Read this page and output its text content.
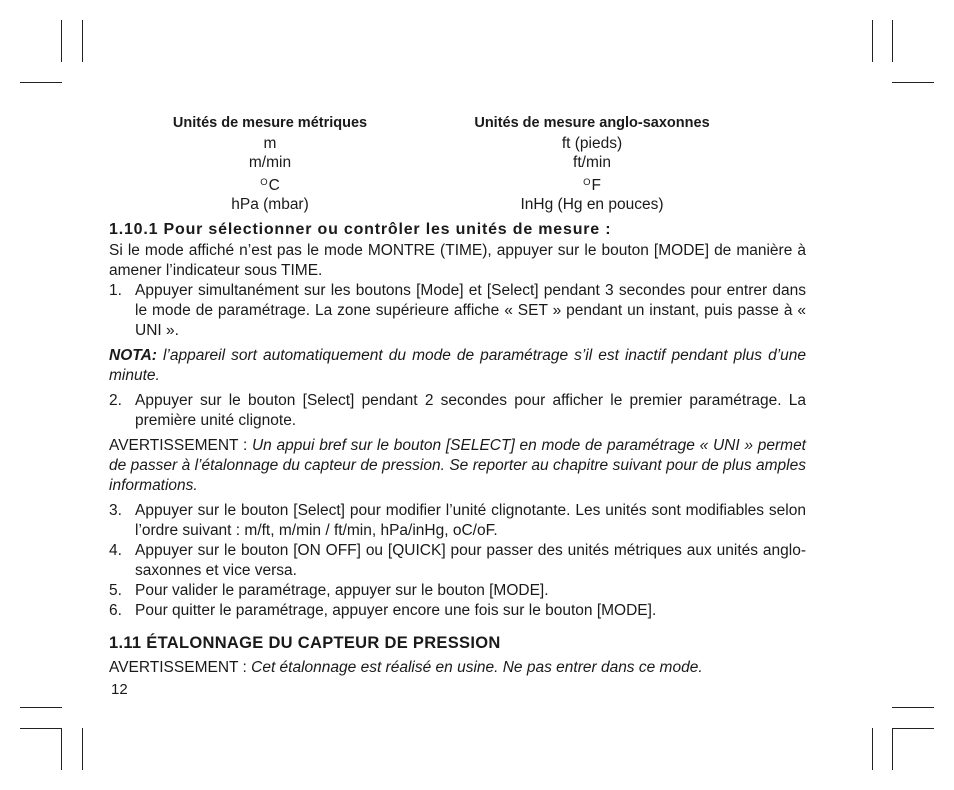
Unités de mesure métriques
m
m/min
$^O$C
hPa (mbar)
Unités de mesure anglo-saxonnes
ft (pieds)
ft/min
$^O$F
InHg (Hg en pouces)
1.10.1 Pour sélectionner ou contrôler les unités de mesure :

Si le mode affiché n’est pas le mode MONTRE (TIME), appuyer sur le bouton [MODE] de manière à amener l’indicateur sous TIME.

1. Appuyer simultanément sur les boutons [Mode] et [Select] pendant 3 secondes pour entrer dans le mode de paramétrage. La zone supérieure affiche « SET » pendant un instant, puis passe à « UNI ».

NOTA: l’appareil sort automatiquement du mode de paramétrage s’il est inactif pendant plus d’une minute.

2. Appuyer sur le bouton [Select] pendant 2 secondes pour afficher le premier paramétrage. La première unité clignote.

AVERTISSEMENT : Un appui bref sur le bouton [SELECT] en mode de paramétrage « UNI » permet de passer à l’étalonnage du capteur de pression. Se reporter au chapitre suivant pour de plus amples informations.

3. Appuyer sur le bouton [Select] pour modifier l’unité clignotante. Les unités sont modifiables selon l’ordre suivant : m/ft, m/min / ft/min, hPa/inHg, oC/oF.
4. Appuyer sur le bouton [ON OFF] ou [QUICK] pour passer des unités métriques aux unités anglo-saxonnes et vice versa.
5. Pour valider le paramétrage, appuyer sur le bouton [MODE].
6. Pour quitter le paramétrage, appuyer encore une fois sur le bouton [MODE].
1.11 ÉTALONNAGE DU CAPTEUR DE PRESSION

AVERTISSEMENT : Cet étalonnage est réalisé en usine. Ne pas entrer dans ce mode.

12
